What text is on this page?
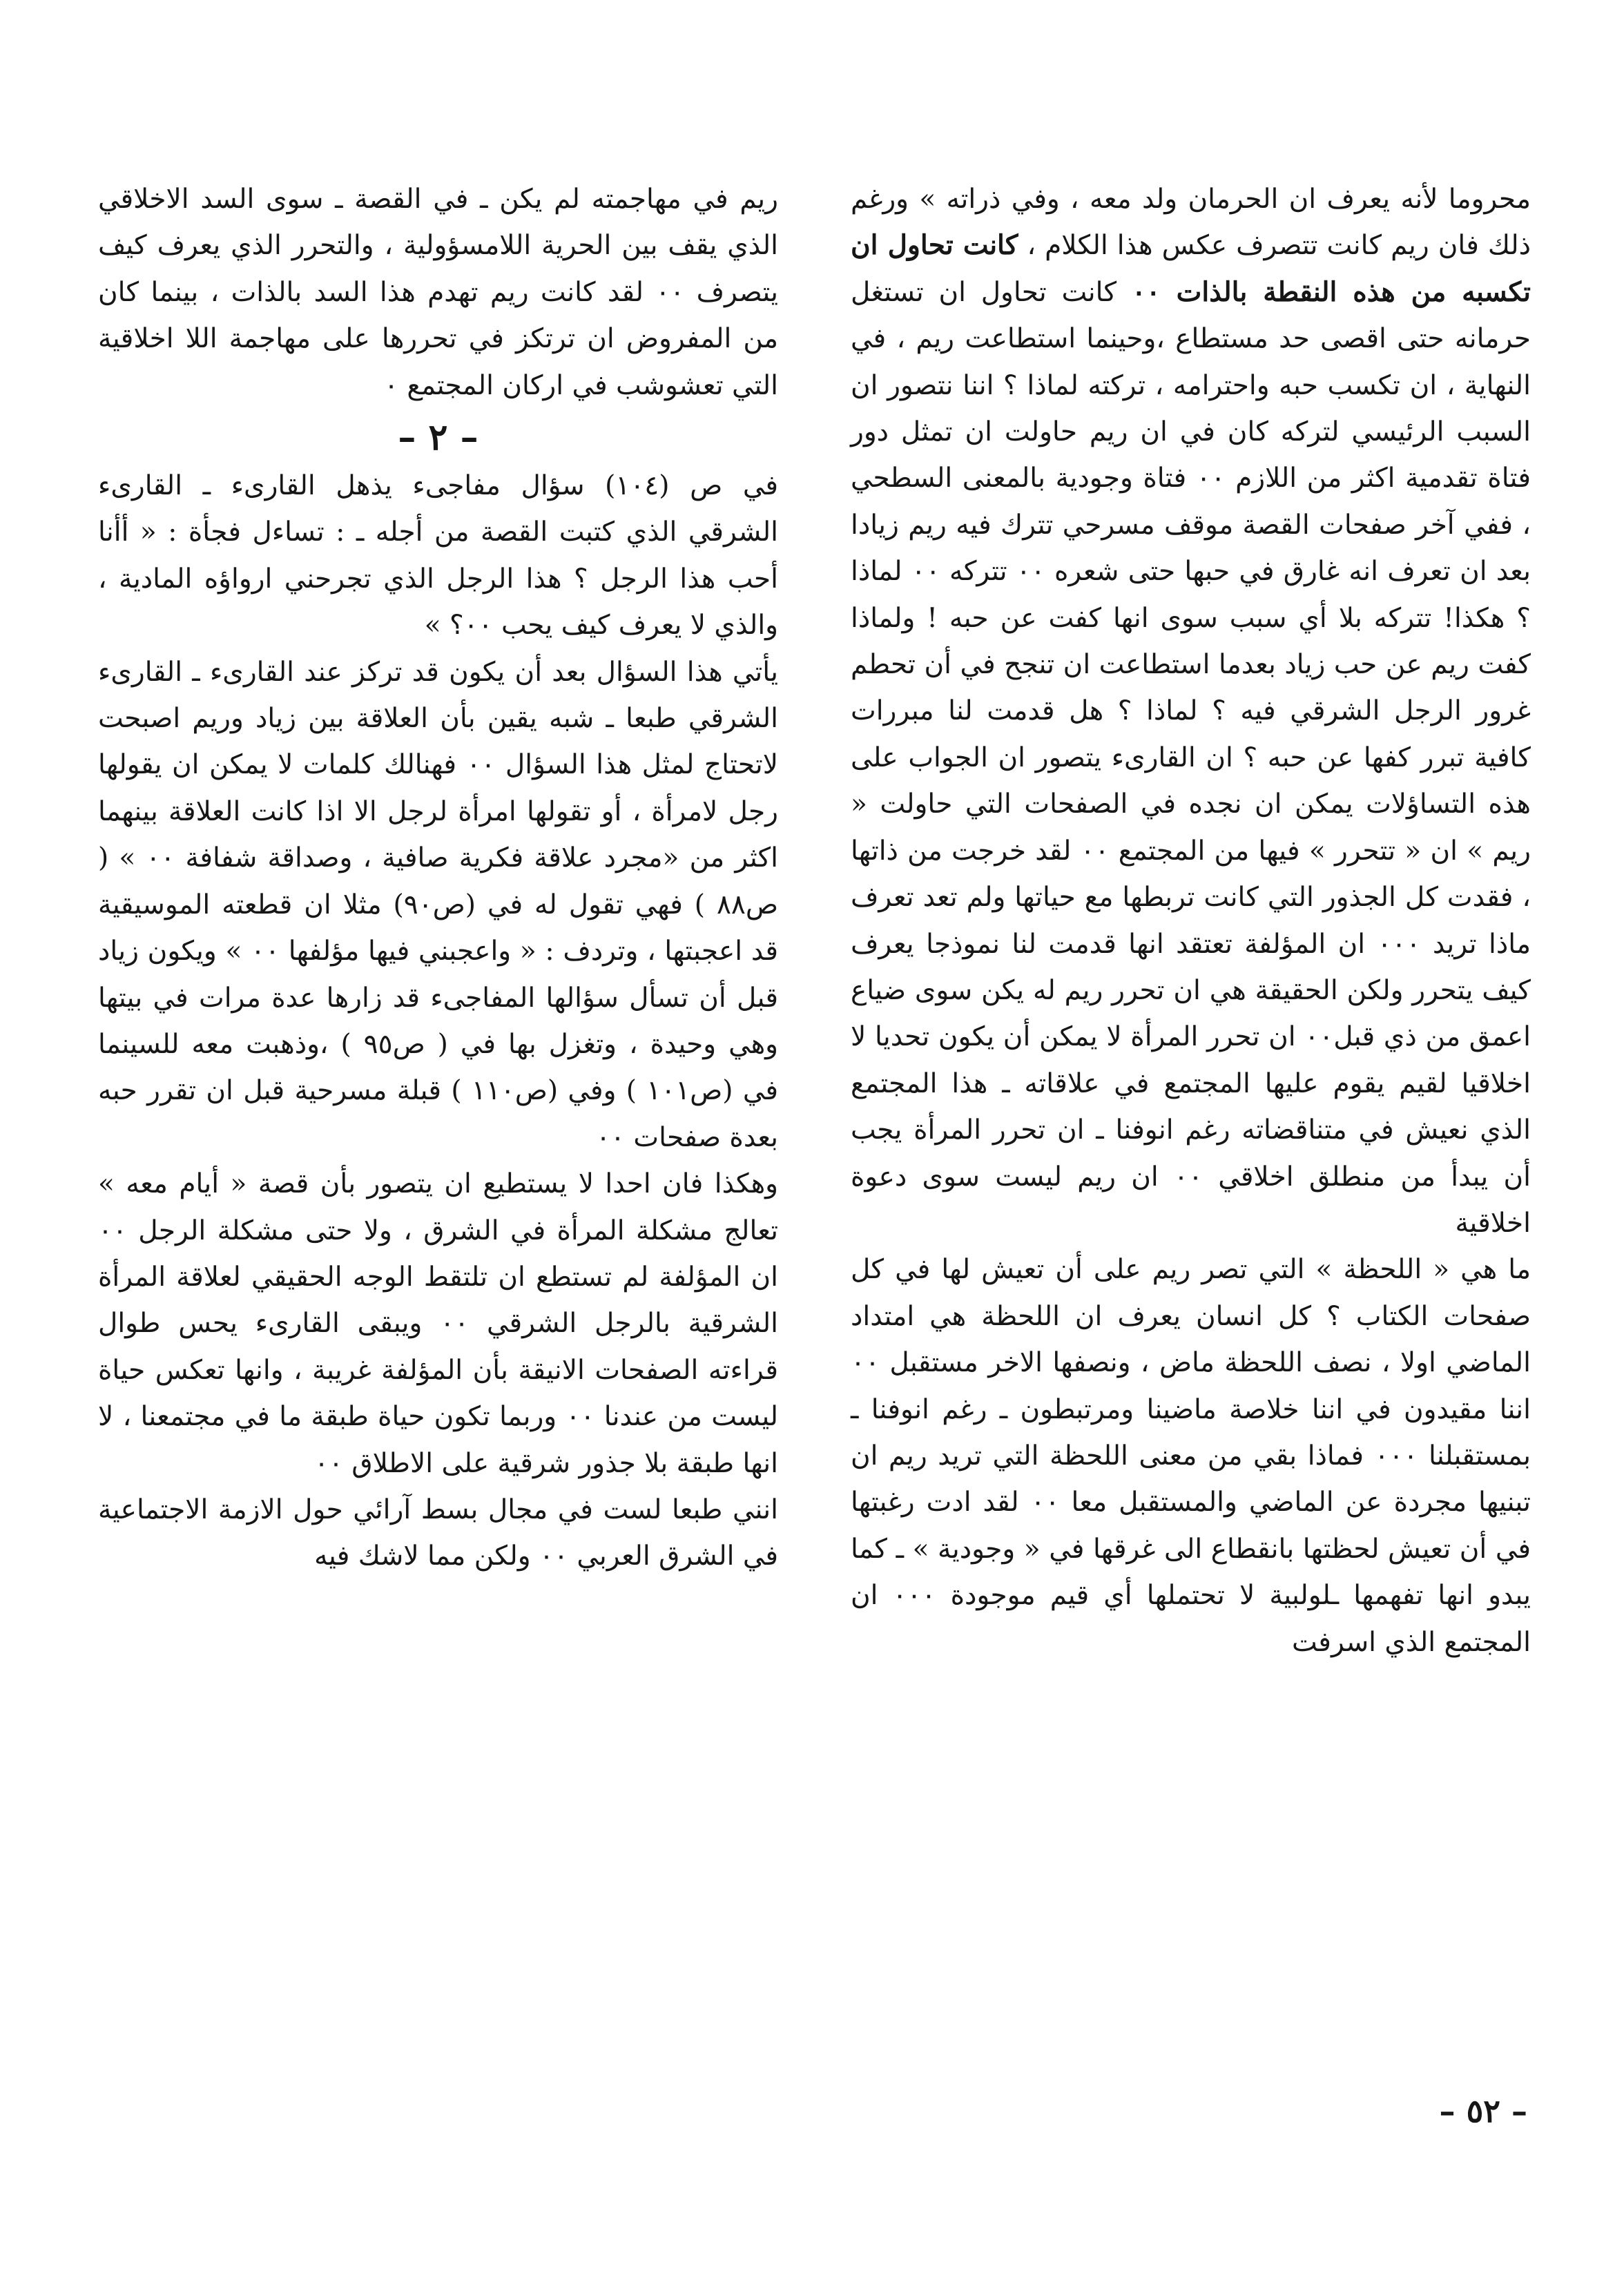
محروما لأنه يعرف ان الحرمان ولد معه ، وفي ذراته » ورغم ذلك فان ريم كانت تتصرف عكس هذا الكلام ، كانت تحاول ان تكسبه من هذه النقطة بالذات ٠٠ كانت تحاول ان تستغل حرمانه حتى اقصى حد مستطاع ،وحينما استطاعت ريم ، في النهاية ، ان تكسب حبه واحترامه ، تركته لماذا ؟ اننا نتصور ان السبب الرئيسي لتركه كان في ان ريم حاولت ان تمثل دور فتاة تقدمية اكثر من اللازم ٠٠ فتاة وجودية بالمعنى السطحي ، ففي آخر صفحات القصة موقف مسرحي تترك فيه ريم زيادا بعد ان تعرف انه غارق في حبها حتى شعره ٠٠ تتركه ٠٠ لماذا ؟ هكذا! تتركه بلا أي سبب سوى انها كفت عن حبه ! ولماذا كفت ريم عن حب زياد بعدما استطاعت ان تنجح في أن تحطم غرور الرجل الشرقي فيه ؟ لماذا ؟ هل قدمت لنا مبررات كافية تبرر كفها عن حبه ؟ ان القارىء يتصور ان الجواب على هذه التساؤلات يمكن ان نجده في الصفحات التي حاولت « ريم » ان « تتحرر » فيها من المجتمع ٠٠ لقد خرجت من ذاتها ، فقدت كل الجذور التي كانت تربطها مع حياتها ولم تعد تعرف ماذا تريد ٠٠٠ ان المؤلفة تعتقد انها قدمت لنا نموذجا يعرف كيف يتحرر ولكن الحقيقة هي ان تحرر ريم له يكن سوى ضياع اعمق من ذي قبل٠٠ ان تحرر المرأة لا يمكن أن يكون تحديا لا اخلاقيا لقيم يقوم عليها المجتمع في علاقاته ـ هذا المجتمع الذي نعيش في متناقضاته رغم انوفنا ـ ان تحرر المرأة يجب أن يبدأ من منطلق اخلاقي ٠٠ ان ريم ليست سوى دعوة اخلاقية

ما هي « اللحظة » التي تصر ريم على أن تعيش لها في كل صفحات الكتاب ؟ كل انسان يعرف ان اللحظة هي امتداد الماضي اولا ، نصف اللحظة ماض ، ونصفها الاخر مستقبل ٠٠ اننا مقيدون في اننا خلاصة ماضينا ومرتبطون ـ رغم انوفنا ـ بمستقبلنا ٠٠٠ فماذا بقي من معنى اللحظة التي تريد ريم ان تبنيها مجردة عن الماضي والمستقبل معا ٠٠ لقد ادت رغبتها في أن تعيش لحظتها بانقطاع الى غرقها في « وجودية » ـ كما يبدو انها تفهمها ـلولبية لا تحتملها أي قيم موجودة ٠٠٠ ان المجتمع الذي اسرفت

ريم في مهاجمته لم يكن ـ في القصة ـ سوى السد الاخلاقي الذي يقف بين الحرية اللامسؤولية ، والتحرر الذي يعرف كيف يتصرف ٠٠ لقد كانت ريم تهدم هذا السد بالذات ، بينما كان من المفروض ان ترتكز في تحررها على مهاجمة اللا اخلاقية التي تعشوشب في اركان المجتمع ٠

– ٢ –

في ص (١٠٤) سؤال مفاجىء يذهل القارىء ـ القارىء الشرقي الذي كتبت القصة من أجله ـ : تساءل فجأة : « أأنا أحب هذا الرجل ؟ هذا الرجل الذي تجرحني ارواؤه المادية ، والذي لا يعرف كيف يحب ٠٠؟ »

يأتي هذا السؤال بعد أن يكون قد تركز عند القارىء ـ القارىء الشرقي طبعا ـ شبه يقين بأن العلاقة بين زياد وريم اصبحت لاتحتاج لمثل هذا السؤال ٠٠ فهنالك كلمات لا يمكن ان يقولها رجل لامرأة ، أو تقولها امرأة لرجل الا اذا كانت العلاقة بينهما اكثر من «مجرد علاقة فكرية صافية ، وصداقة شفافة ٠٠ » ( ص٨٨ ) فهي تقول له في (ص٩٠) مثلا ان قطعته الموسيقية قد اعجبتها ، وتردف : « واعجبني فيها مؤلفها ٠٠ » ويكون زياد قبل أن تسأل سؤالها المفاجىء قد زارها عدة مرات في بيتها وهي وحيدة ، وتغزل بها في ( ص٩٥ ) ،وذهبت معه للسينما في (ص١٠١ ) وفي (ص١١٠ ) قبلة مسرحية قبل ان تقرر حبه بعدة صفحات ٠٠

وهكذا فان احدا لا يستطيع ان يتصور بأن قصة « أيام معه » تعالج مشكلة المرأة في الشرق ، ولا حتى مشكلة الرجل ٠٠ ان المؤلفة لم تستطع ان تلتقط الوجه الحقيقي لعلاقة المرأة الشرقية بالرجل الشرقي ٠٠ ويبقى القارىء يحس طوال قراءته الصفحات الانيقة بأن المؤلفة غريبة ، وانها تعكس حياة ليست من عندنا ٠٠ وربما تكون حياة طبقة ما في مجتمعنا ، لا انها طبقة بلا جذور شرقية على الاطلاق ٠٠

انني طبعا لست في مجال بسط آرائي حول الازمة الاجتماعية في الشرق العربي ٠٠ ولكن مما لاشك فيه

– ٥٢ –
